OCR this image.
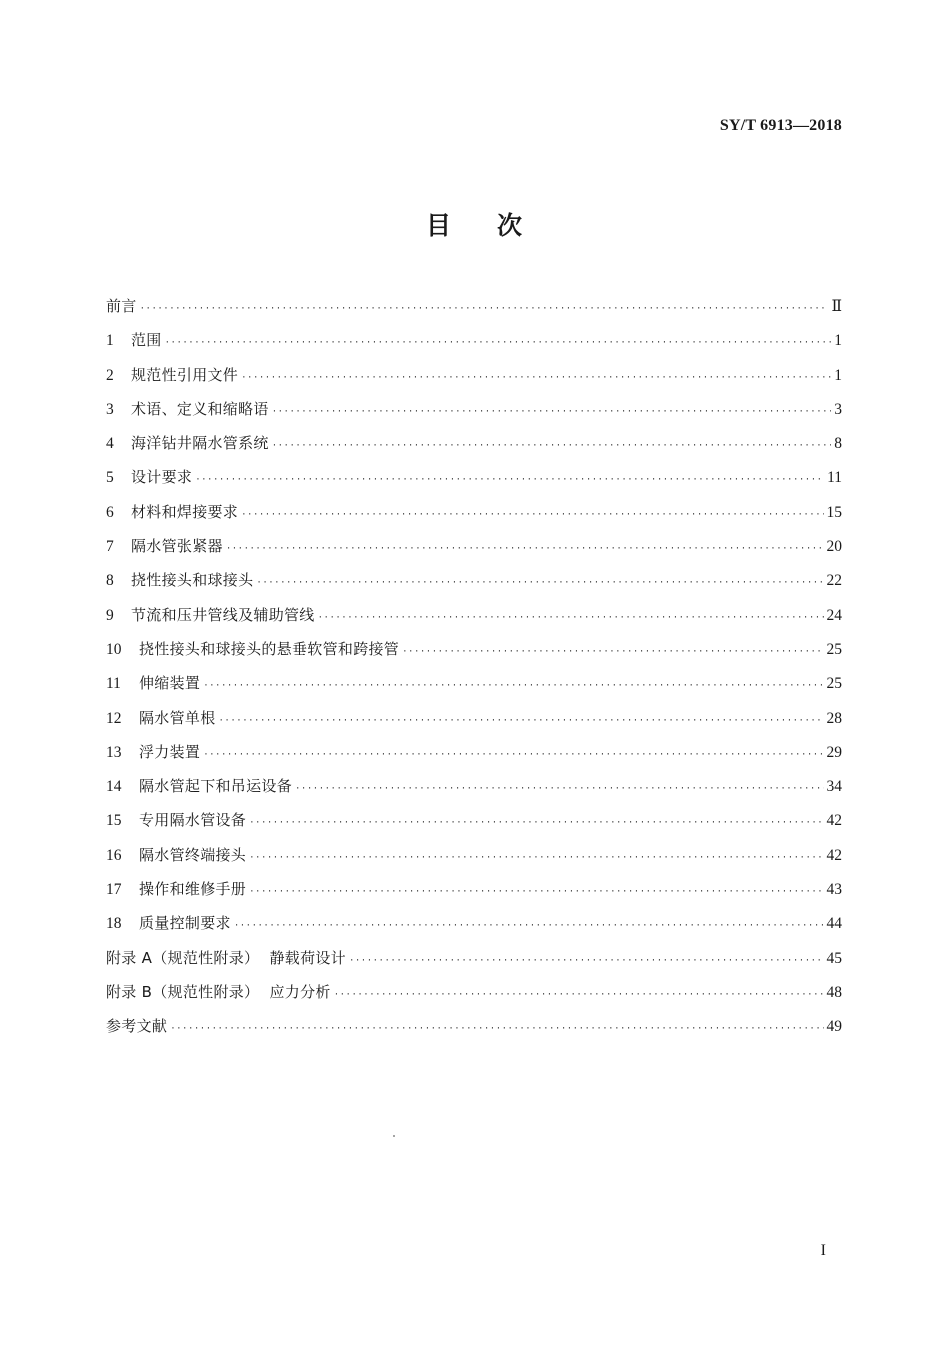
SY/T 6913—2018
目 次
前言 ·····	Ⅱ
1	范围 ·····	1
2	规范性引用文件 ·····	1
3	术语、定义和缩略语 ·····	3
4	海洋钻井隔水管系统 ·····	8
5	设计要求 ·····	11
6	材料和焊接要求 ·····	15
7	隔水管张紧器 ·····	20
8	挠性接头和球接头 ·····	22
9	节流和压井管线及辅助管线 ·····	24
10	挠性接头和球接头的悬垂软管和跨接管 ·····	25
11	伸缩装置 ·····	25
12	隔水管单根 ·····	28
13	浮力装置 ·····	29
14	隔水管起下和吊运设备 ·····	34
15	专用隔水管设备 ·····	42
16	隔水管终端接头 ·····	42
17	操作和维修手册 ·····	43
18	质量控制要求 ·····	44
附录 A（规范性附录）  静载荷设计 ·····	45
附录 B（规范性附录）  应力分析 ·····	48
参考文献 ·····	49
I
